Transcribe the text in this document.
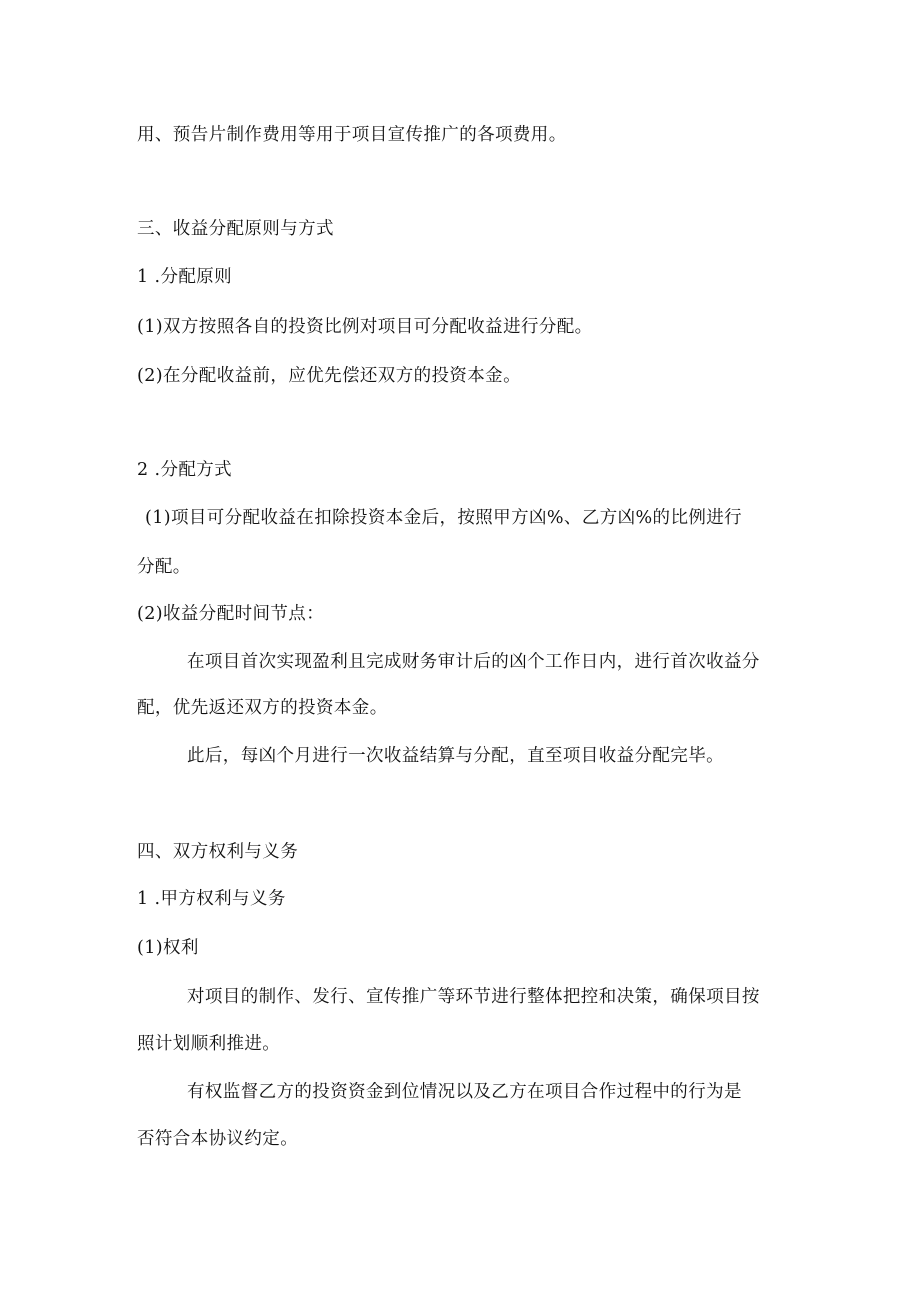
用、预告片制作费用等用于项目宣传推广的各项费用。
三、收益分配原则与方式
1 .分配原则
(1)双方按照各自的投资比例对项目可分配收益进行分配。
(2)在分配收益前，应优先偿还双方的投资本金。
2 .分配方式
(1)项目可分配收益在扣除投资本金后，按照甲方凶%、乙方凶%的比例进行
分配。
(2)收益分配时间节点：
在项目首次实现盈利且完成财务审计后的凶个工作日内，进行首次收益分
配，优先返还双方的投资本金。
此后，每凶个月进行一次收益结算与分配，直至项目收益分配完毕。
四、双方权利与义务
1 .甲方权利与义务
(1)权利
对项目的制作、发行、宣传推广等环节进行整体把控和决策，确保项目按
照计划顺利推进。
有权监督乙方的投资资金到位情况以及乙方在项目合作过程中的行为是
否符合本协议约定。
